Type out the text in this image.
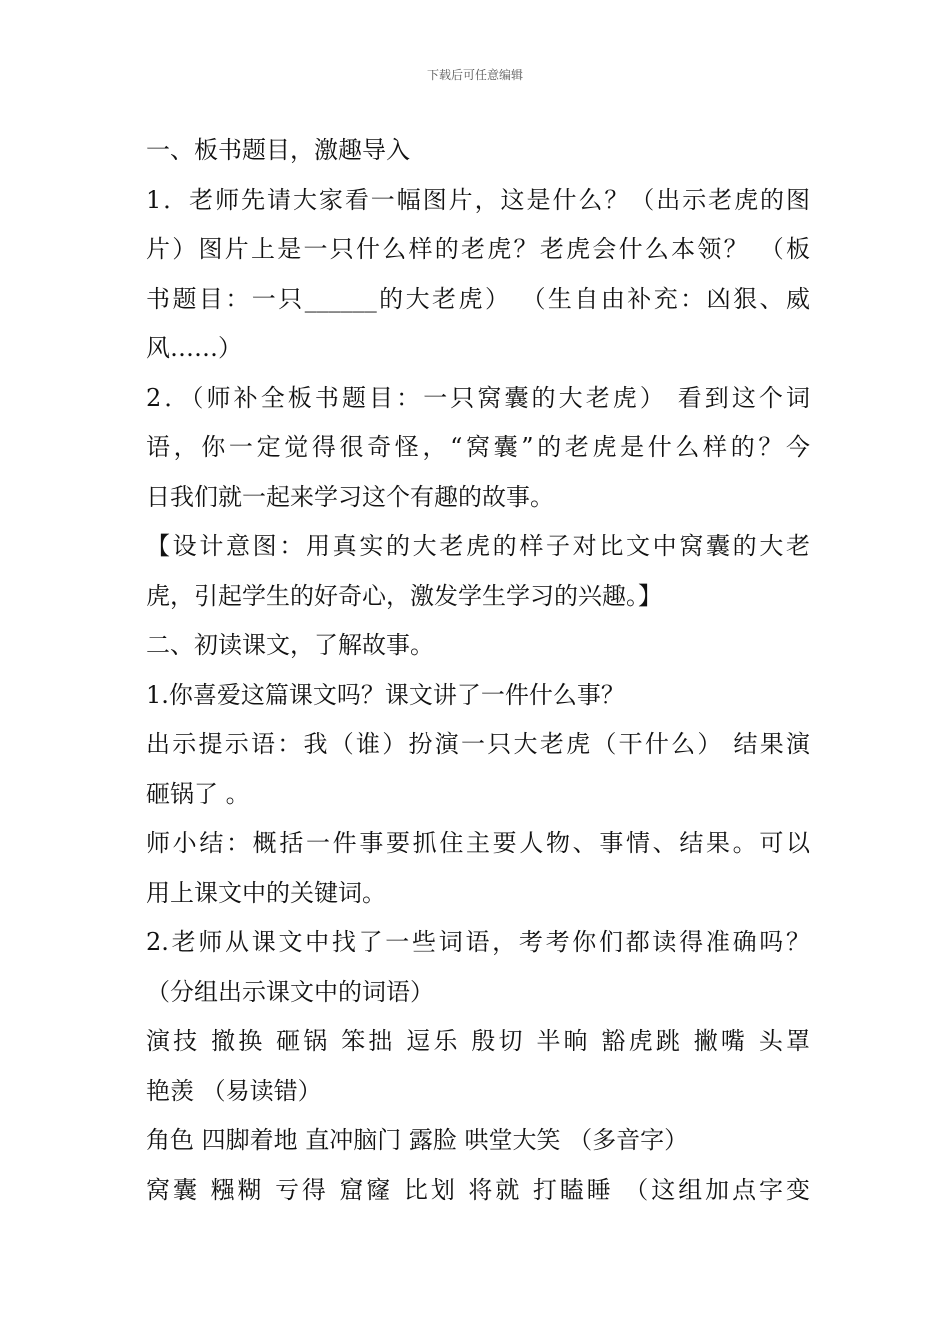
下载后可任意编辑
一、板书题目，激趣导入
1．老师先请大家看一幅图片，这是什么？（出示老虎的图
片）图片上是一只什么样的老虎？老虎会什么本领？ （板
书题目：一只______的大老虎） （生自由补充：凶狠、威
风……）
2．（师补全板书题目：一只窝囊的大老虎） 看到这个词
语，你一定觉得很奇怪，“窝囊”的老虎是什么样的？今
日我们就一起来学习这个有趣的故事。
【设计意图：用真实的大老虎的样子对比文中窝囊的大老
虎，引起学生的好奇心，激发学生学习的兴趣。】
二、初读课文，了解故事。
1.你喜爱这篇课文吗？课文讲了一件什么事？
出示提示语：我（谁）扮演一只大老虎（干什么） 结果演
砸锅了 。
师小结：概括一件事要抓住主要人物、事情、结果。可以
用上课文中的关键词。
2.老师从课文中找了一些词语，考考你们都读得准确吗？
（分组出示课文中的词语）
演技 撤换 砸锅 笨拙 逗乐 殷切 半晌 豁虎跳 撇嘴 头罩
艳羡 （易读错）
角色 四脚着地 直冲脑门 露脸 哄堂大笑 （多音字）
窝囊 糨糊 亏得 窟窿 比划 将就 打瞌睡 （这组加点字变
